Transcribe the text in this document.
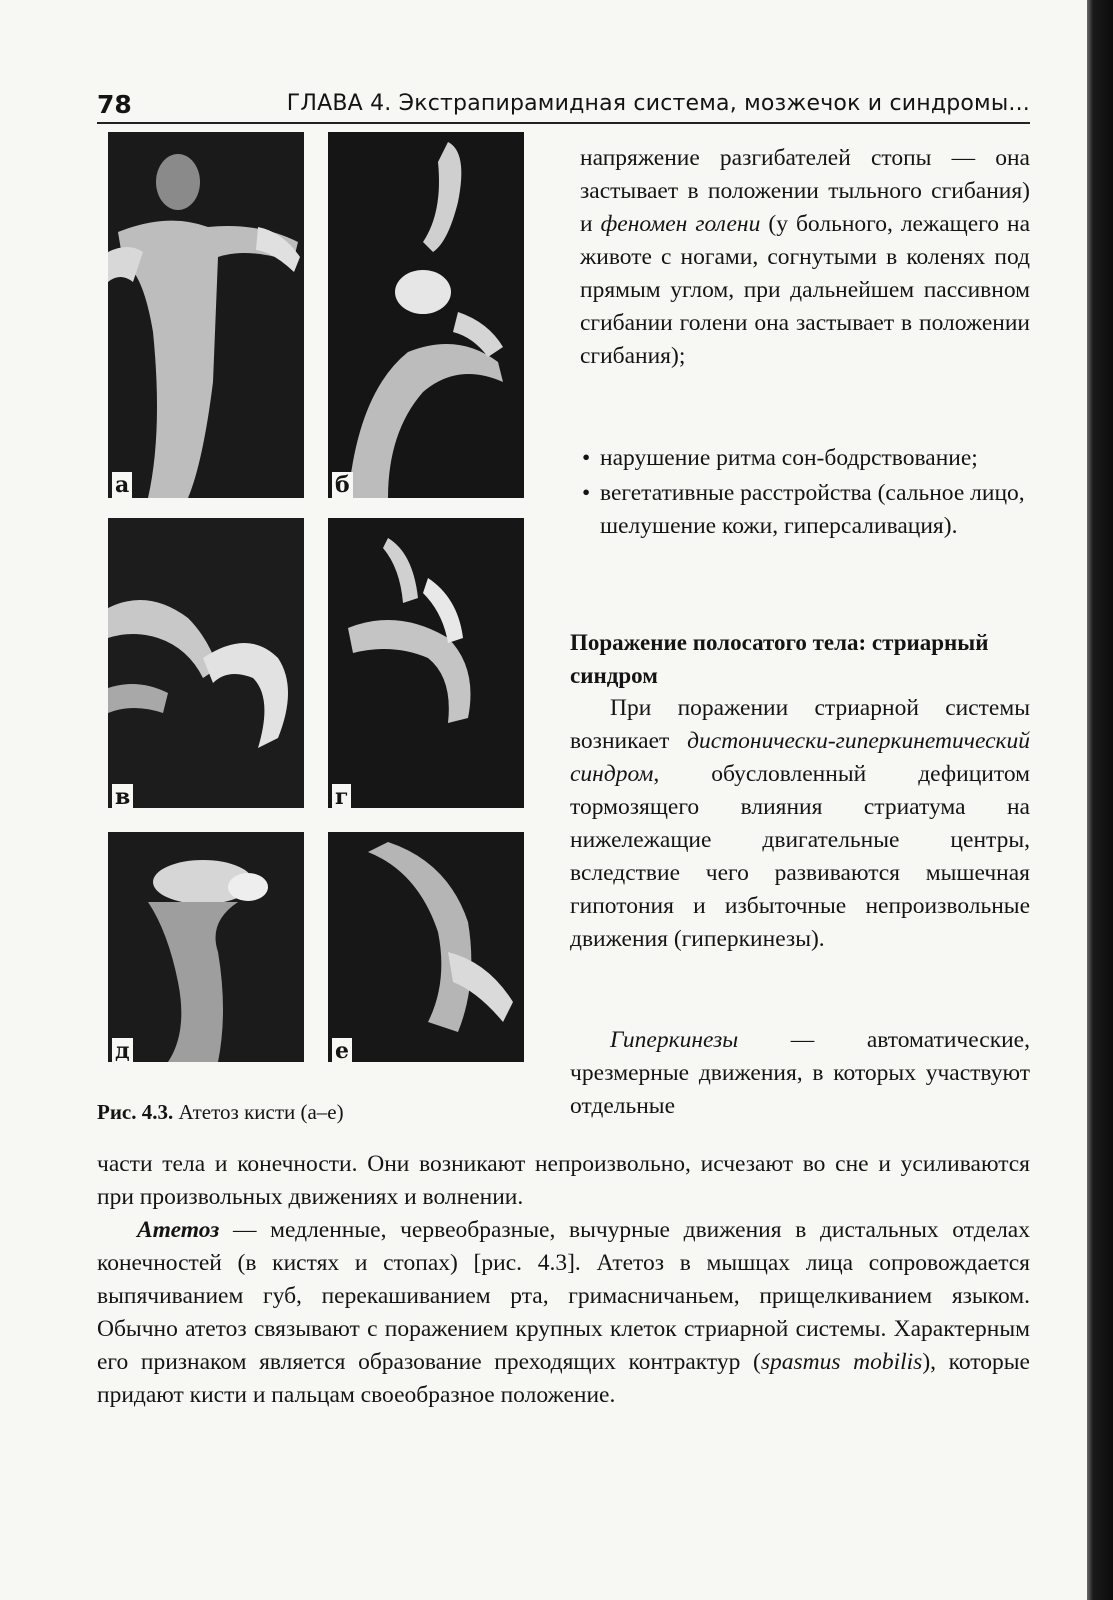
78	ГЛАВА 4. Экстрапирамидная система, мозжечок и синдромы...
а	б
в	г
д	е
Рис. 4.3. Атетоз кисти (а–е)

напряжение разгибателей стопы — она застывает в положении тыльного сгибания) и феномен голени (у больного, лежащего на животе с ногами, согнутыми в коленях под прямым углом, при дальнейшем пассивном сгибании голени она застывает в положении сгибания);

• нарушение ритма сон-бодрствование;
• вегетативные расстройства (сальное лицо, шелушение кожи, гиперсаливация).
Поражение полосатого тела: стриарный синдром

При поражении стриарной системы возникает дистонически-гиперкинетический синдром, обусловленный дефицитом тормозящего влияния стриатума на нижележащие двигательные центры, вследствие чего развиваются мышечная гипотония и избыточные непроизвольные движения (гиперкинезы).

Гиперкинезы — автоматические, чрезмерные движения, в которых участвуют отдельные

части тела и конечности. Они возникают непроизвольно, исчезают во сне и усиливаются при произвольных движениях и волнении.

Атетоз — медленные, червеобразные, вычурные движения в дистальных отделах конечностей (в кистях и стопах) [рис. 4.3]. Атетоз в мышцах лица сопровождается выпячиванием губ, перекашиванием рта, гримасничаньем, прищелкиванием языком. Обычно атетоз связывают с поражением крупных клеток стриарной системы. Характерным его признаком является образование преходящих контрактур (spasmus mobilis), которые придают кисти и пальцам своеобразное положение.
